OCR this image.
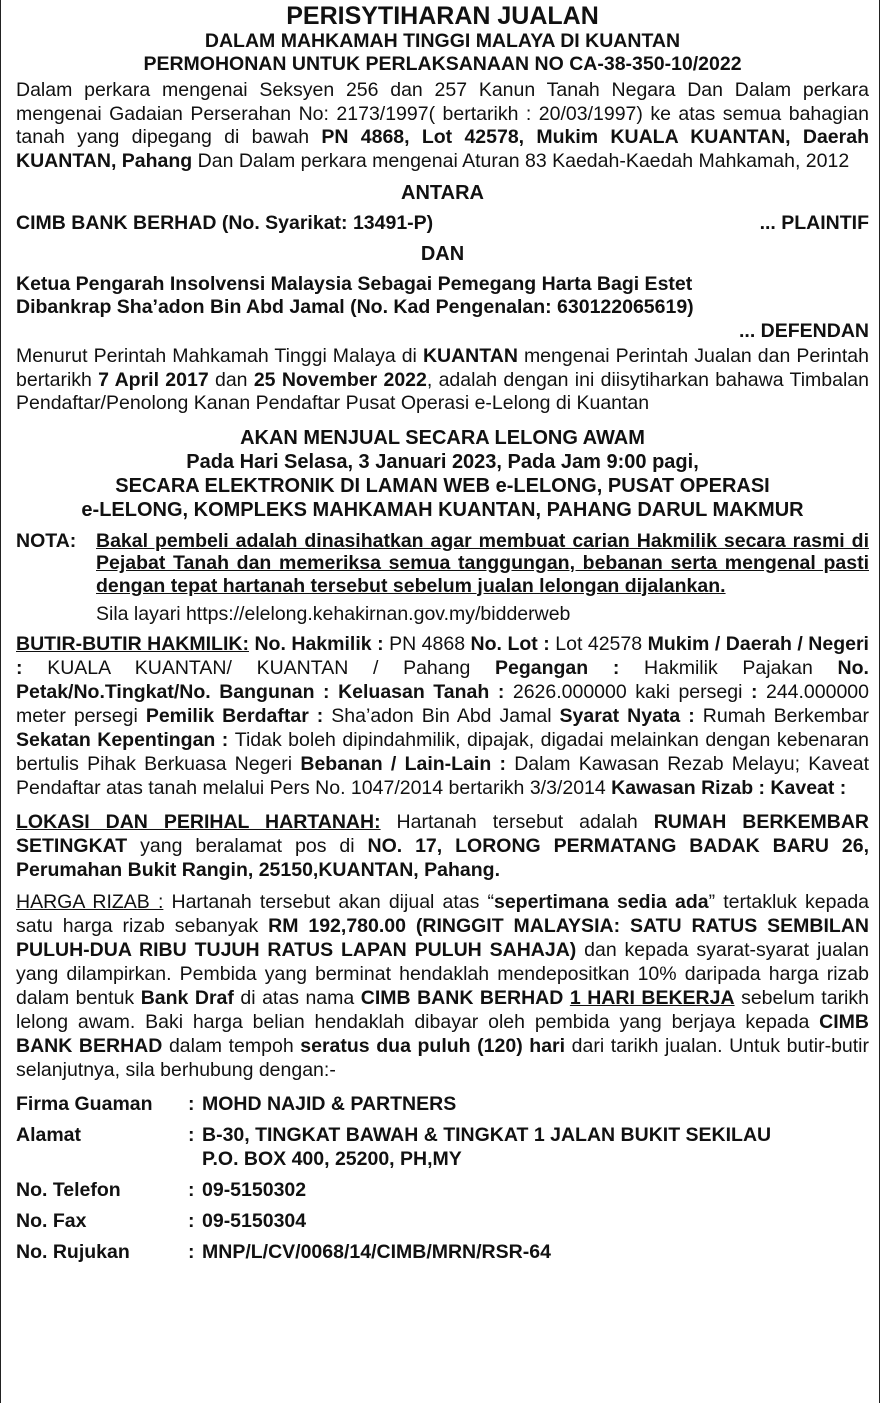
PERISYTIHARAN JUALAN
DALAM MAHKAMAH TINGGI MALAYA DI KUANTAN
PERMOHONAN UNTUK PERLAKSANAAN NO CA-38-350-10/2022

Dalam perkara mengenai Seksyen 256 dan 257 Kanun Tanah Negara Dan Dalam perkara mengenai Gadaian Perserahan No: 2173/1997( bertarikh : 20/03/1997) ke atas semua bahagian tanah yang dipegang di bawah PN 4868, Lot 42578, Mukim KUALA KUANTAN, Daerah KUANTAN, Pahang Dan Dalam perkara mengenai Aturan 83 Kaedah-Kaedah Mahkamah, 2012

ANTARA
CIMB BANK BERHAD (No. Syarikat: 13491-P)	... PLAINTIF
DAN
Ketua Pengarah Insolvensi Malaysia Sebagai Pemegang Harta Bagi Estet
Dibankrap Sha’adon Bin Abd Jamal (No. Kad Pengenalan: 630122065619)
... DEFENDAN

Menurut Perintah Mahkamah Tinggi Malaya di KUANTAN mengenai Perintah Jualan dan Perintah bertarikh 7 April 2017 dan 25 November 2022, adalah dengan ini diisytiharkan bahawa Timbalan Pendaftar/Penolong Kanan Pendaftar Pusat Operasi e-Lelong di Kuantan

AKAN MENJUAL SECARA LELONG AWAM
Pada Hari Selasa, 3 Januari 2023, Pada Jam 9:00 pagi,
SECARA ELEKTRONIK DI LAMAN WEB e-LELONG, PUSAT OPERASI
e-LELONG, KOMPLEKS MAHKAMAH KUANTAN, PAHANG DARUL MAKMUR
NOTA:	Bakal pembeli adalah dinasihatkan agar membuat carian Hakmilik secara rasmi di Pejabat Tanah dan memeriksa semua tanggungan, bebanan serta mengenal pasti dengan tepat hartanah tersebut sebelum jualan lelongan dijalankan.
Sila layari https://elelong.kehakirnan.gov.my/bidderweb

BUTIR-BUTIR HAKMILIK: No. Hakmilik : PN 4868 No. Lot : Lot 42578 Mukim / Daerah / Negeri : KUALA KUANTAN/ KUANTAN / Pahang Pegangan : Hakmilik Pajakan No. Petak/No.Tingkat/No. Bangunan : Keluasan Tanah : 2626.000000 kaki persegi : 244.000000 meter persegi Pemilik Berdaftar : Sha’adon Bin Abd Jamal Syarat Nyata : Rumah Berkembar Sekatan Kepentingan : Tidak boleh dipindahmilik, dipajak, digadai melainkan dengan kebenaran bertulis Pihak Berkuasa Negeri Bebanan / Lain-Lain : Dalam Kawasan Rezab Melayu; Kaveat Pendaftar atas tanah melalui Pers No. 1047/2014 bertarikh 3/3/2014 Kawasan Rizab : Kaveat :

LOKASI DAN PERIHAL HARTANAH: Hartanah tersebut adalah RUMAH BERKEMBAR SETINGKAT yang beralamat pos di NO. 17, LORONG PERMATANG BADAK BARU 26, Perumahan Bukit Rangin, 25150,KUANTAN, Pahang.

HARGA RIZAB : Hartanah tersebut akan dijual atas “sepertimana sedia ada” tertakluk kepada satu harga rizab sebanyak RM 192,780.00 (RINGGIT MALAYSIA: SATU RATUS SEMBILAN PULUH-DUA RIBU TUJUH RATUS LAPAN PULUH SAHAJA) dan kepada syarat-syarat jualan yang dilampirkan. Pembida yang berminat hendaklah mendepositkan 10% daripada harga rizab dalam bentuk Bank Draf di atas nama CIMB BANK BERHAD 1 HARI BEKERJA sebelum tarikh lelong awam. Baki harga belian hendaklah dibayar oleh pembida yang berjaya kepada CIMB BANK BERHAD dalam tempoh seratus dua puluh (120) hari dari tarikh jualan. Untuk butir-butir selanjutnya, sila berhubung dengan:-

Firma Guaman	: MOHD NAJID & PARTNERS
Alamat	: B-30, TINGKAT BAWAH & TINGKAT 1 JALAN BUKIT SEKILAU
P.O. BOX 400, 25200, PH,MY
No. Telefon	: 09-5150302
No. Fax	: 09-5150304
No. Rujukan	: MNP/L/CV/0068/14/CIMB/MRN/RSR-64
